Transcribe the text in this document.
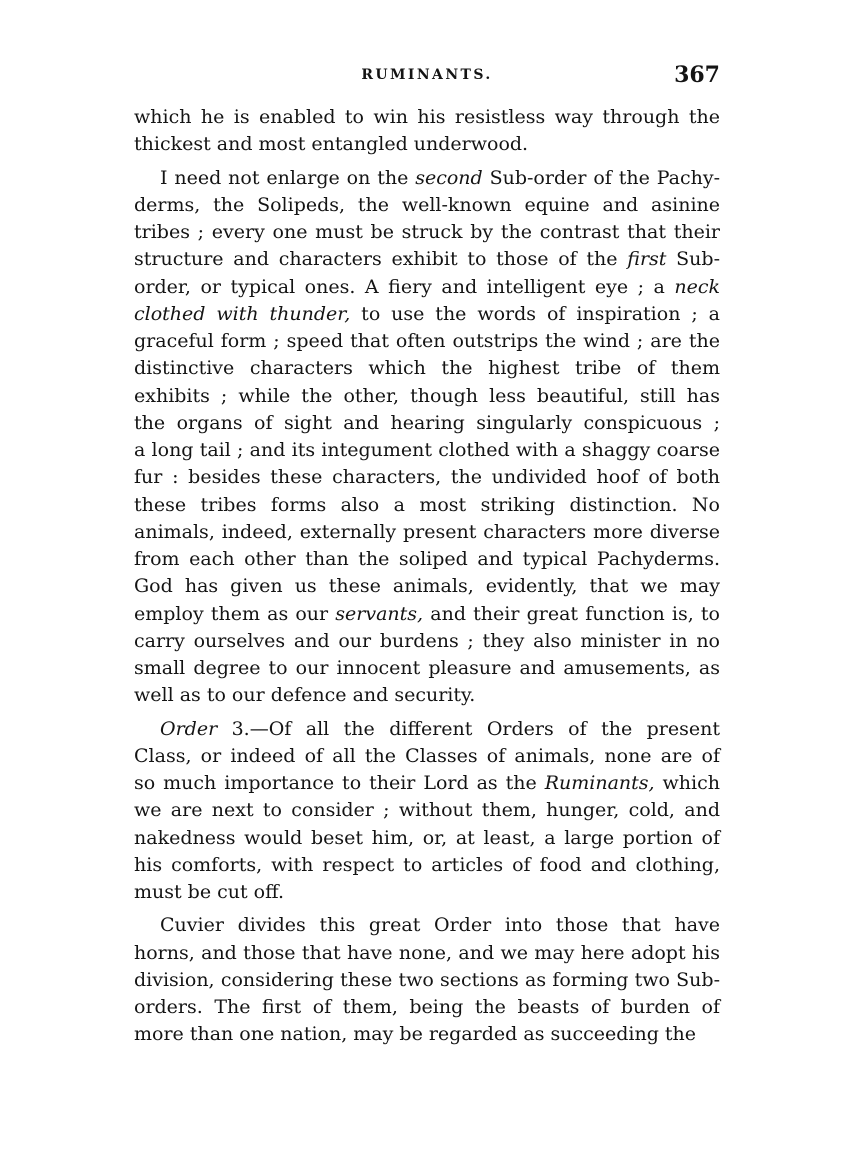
RUMINANTS.	367
which he is enabled to win his resistless way through the
thickest and most entangled underwood.
I need not enlarge on the second Sub-order of the Pachy-
derms, the Solipeds, the well-known equine and asinine
tribes ; every one must be struck by the contrast that their
structure and characters exhibit to those of the first Sub-
order, or typical ones. A fiery and intelligent eye ; a neck
clothed with thunder, to use the words of inspiration ; a
graceful form ; speed that often outstrips the wind ; are the
distinctive characters which the highest tribe of them
exhibits ; while the other, though less beautiful, still has
the organs of sight and hearing singularly conspicuous ;
a long tail ; and its integument clothed with a shaggy coarse
fur : besides these characters, the undivided hoof of both
these tribes forms also a most striking distinction. No
animals, indeed, externally present characters more diverse
from each other than the soliped and typical Pachyderms.
God has given us these animals, evidently, that we may
employ them as our servants, and their great function is, to
carry ourselves and our burdens ; they also minister in no
small degree to our innocent pleasure and amusements, as
well as to our defence and security.
Order 3.—Of all the different Orders of the present
Class, or indeed of all the Classes of animals, none are of
so much importance to their Lord as the Ruminants, which
we are next to consider ; without them, hunger, cold, and
nakedness would beset him, or, at least, a large portion of
his comforts, with respect to articles of food and clothing,
must be cut off.
Cuvier divides this great Order into those that have
horns, and those that have none, and we may here adopt his
division, considering these two sections as forming two Sub-
orders. The first of them, being the beasts of burden of
more than one nation, may be regarded as succeeding the
